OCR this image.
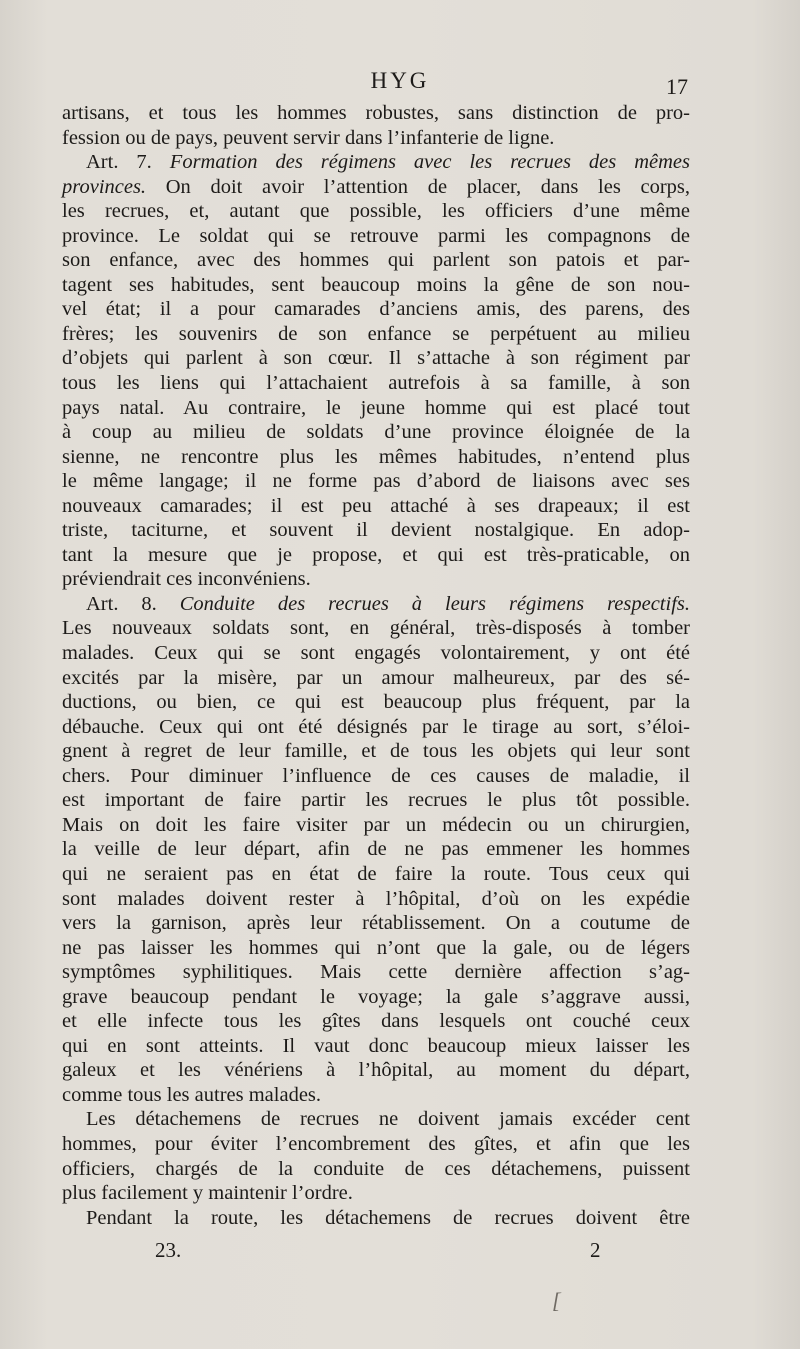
HYG	17
artisans, et tous les hommes robustes, sans distinction de pro-
fession ou de pays, peuvent servir dans l’infanterie de ligne.
Art. 7. Formation des régimens avec les recrues des mêmes
provinces. On doit avoir l’attention de placer, dans les corps,
les recrues, et, autant que possible, les officiers d’une même
province. Le soldat qui se retrouve parmi les compagnons de
son enfance, avec des hommes qui parlent son patois et par-
tagent ses habitudes, sent beaucoup moins la gêne de son nou-
vel état; il a pour camarades d’anciens amis, des parens, des
frères; les souvenirs de son enfance se perpétuent au milieu
d’objets qui parlent à son cœur. Il s’attache à son régiment par
tous les liens qui l’attachaient autrefois à sa famille, à son
pays natal. Au contraire, le jeune homme qui est placé tout
à coup au milieu de soldats d’une province éloignée de la
sienne, ne rencontre plus les mêmes habitudes, n’entend plus
le même langage; il ne forme pas d’abord de liaisons avec ses
nouveaux camarades; il est peu attaché à ses drapeaux; il est
triste, taciturne, et souvent il devient nostalgique. En adop-
tant la mesure que je propose, et qui est très-praticable, on
préviendrait ces inconvéniens.
Art. 8. Conduite des recrues à leurs régimens respectifs.
Les nouveaux soldats sont, en général, très-disposés à tomber
malades. Ceux qui se sont engagés volontairement, y ont été
excités par la misère, par un amour malheureux, par des sé-
ductions, ou bien, ce qui est beaucoup plus fréquent, par la
débauche. Ceux qui ont été désignés par le tirage au sort, s’éloi-
gnent à regret de leur famille, et de tous les objets qui leur sont
chers. Pour diminuer l’influence de ces causes de maladie, il
est important de faire partir les recrues le plus tôt possible.
Mais on doit les faire visiter par un médecin ou un chirurgien,
la veille de leur départ, afin de ne pas emmener les hommes
qui ne seraient pas en état de faire la route. Tous ceux qui
sont malades doivent rester à l’hôpital, d’où on les expédie
vers la garnison, après leur rétablissement. On a coutume de
ne pas laisser les hommes qui n’ont que la gale, ou de légers
symptômes syphilitiques. Mais cette dernière affection s’ag-
grave beaucoup pendant le voyage; la gale s’aggrave aussi,
et elle infecte tous les gîtes dans lesquels ont couché ceux
qui en sont atteints. Il vaut donc beaucoup mieux laisser les
galeux et les vénériens à l’hôpital, au moment du départ,
comme tous les autres malades.
Les détachemens de recrues ne doivent jamais excéder cent
hommes, pour éviter l’encombrement des gîtes, et afin que les
officiers, chargés de la conduite de ces détachemens, puissent
plus facilement y maintenir l’ordre.
Pendant la route, les détachemens de recrues doivent être
23.	2
[
